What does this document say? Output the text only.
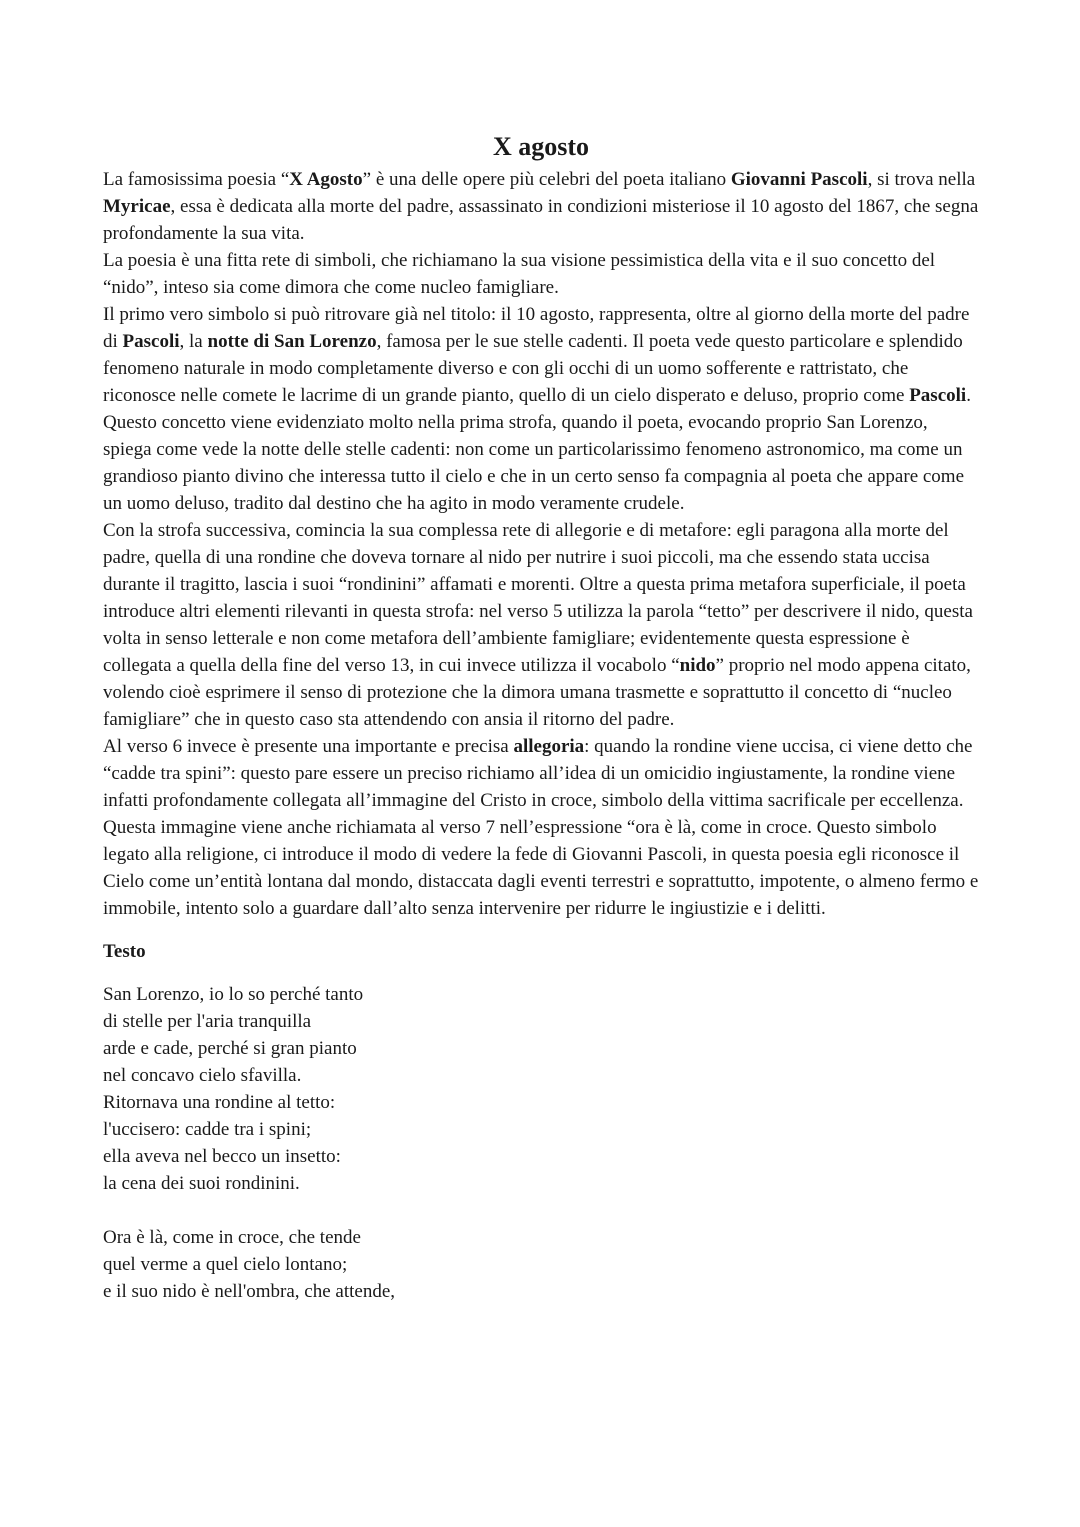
X agosto

La famosissima poesia “X Agosto” è una delle opere più celebri del poeta italiano Giovanni Pascoli, si trova nella Myricae, essa è dedicata alla morte del padre, assassinato in condizioni misteriose il 10 agosto del 1867, che segna profondamente la sua vita.

La poesia è una fitta rete di simboli, che richiamano la sua visione pessimistica della vita e il suo concetto del “nido”, inteso sia come dimora che come nucleo famigliare.

Il primo vero simbolo si può ritrovare già nel titolo: il 10 agosto, rappresenta, oltre al giorno della morte del padre di Pascoli, la notte di San Lorenzo, famosa per le sue stelle cadenti. Il poeta vede questo particolare e splendido fenomeno naturale in modo completamente diverso e con gli occhi di un uomo sofferente e rattristato, che riconosce nelle comete le lacrime di un grande pianto, quello di un cielo disperato e deluso, proprio come Pascoli.

Questo concetto viene evidenziato molto nella prima strofa, quando il poeta, evocando proprio San Lorenzo, spiega come vede la notte delle stelle cadenti: non come un particolarissimo fenomeno astronomico, ma come un grandioso pianto divino che interessa tutto il cielo e che in un certo senso fa compagnia al poeta che appare come un uomo deluso, tradito dal destino che ha agito in modo veramente crudele.

Con la strofa successiva, comincia la sua complessa rete di allegorie e di metafore: egli paragona alla morte del padre, quella di una rondine che doveva tornare al nido per nutrire i suoi piccoli, ma che essendo stata uccisa durante il tragitto, lascia i suoi “rondinini” affamati e morenti. Oltre a questa prima metafora superficiale, il poeta introduce altri elementi rilevanti in questa strofa: nel verso 5 utilizza la parola “tetto” per descrivere il nido, questa volta in senso letterale e non come metafora dell’ambiente famigliare; evidentemente questa espressione è collegata a quella della fine del verso 13, in cui invece utilizza il vocabolo “nido” proprio nel modo appena citato, volendo cioè esprimere il senso di protezione che la dimora umana trasmette e soprattutto il concetto di “nucleo famigliare” che in questo caso sta attendendo con ansia il ritorno del padre.

Al verso 6 invece è presente una importante e precisa allegoria: quando la rondine viene uccisa, ci viene detto che “cadde tra spini”: questo pare essere un preciso richiamo all’idea di un omicidio ingiustamente, la rondine viene infatti profondamente collegata all’immagine del Cristo in croce, simbolo della vittima sacrificale per eccellenza. Questa immagine viene anche richiamata al verso 7 nell’espressione “ora è là, come in croce. Questo simbolo legato alla religione, ci introduce il modo di vedere la fede di Giovanni Pascoli, in questa poesia egli riconosce il Cielo come un’entità lontana dal mondo, distaccata dagli eventi terrestri e soprattutto, impotente, o almeno fermo e immobile, intento solo a guardare dall’alto senza intervenire per ridurre le ingiustizie e i delitti.

Testo
San Lorenzo, io lo so perché tanto
di stelle per l'aria tranquilla
arde e cade, perché si gran pianto
nel concavo cielo sfavilla.
Ritornava una rondine al tetto:
l'uccisero: cadde tra i spini;
ella aveva nel becco un insetto:
la cena dei suoi rondinini.
Ora è là, come in croce, che tende
quel verme a quel cielo lontano;
e il suo nido è nell'ombra, che attende,
